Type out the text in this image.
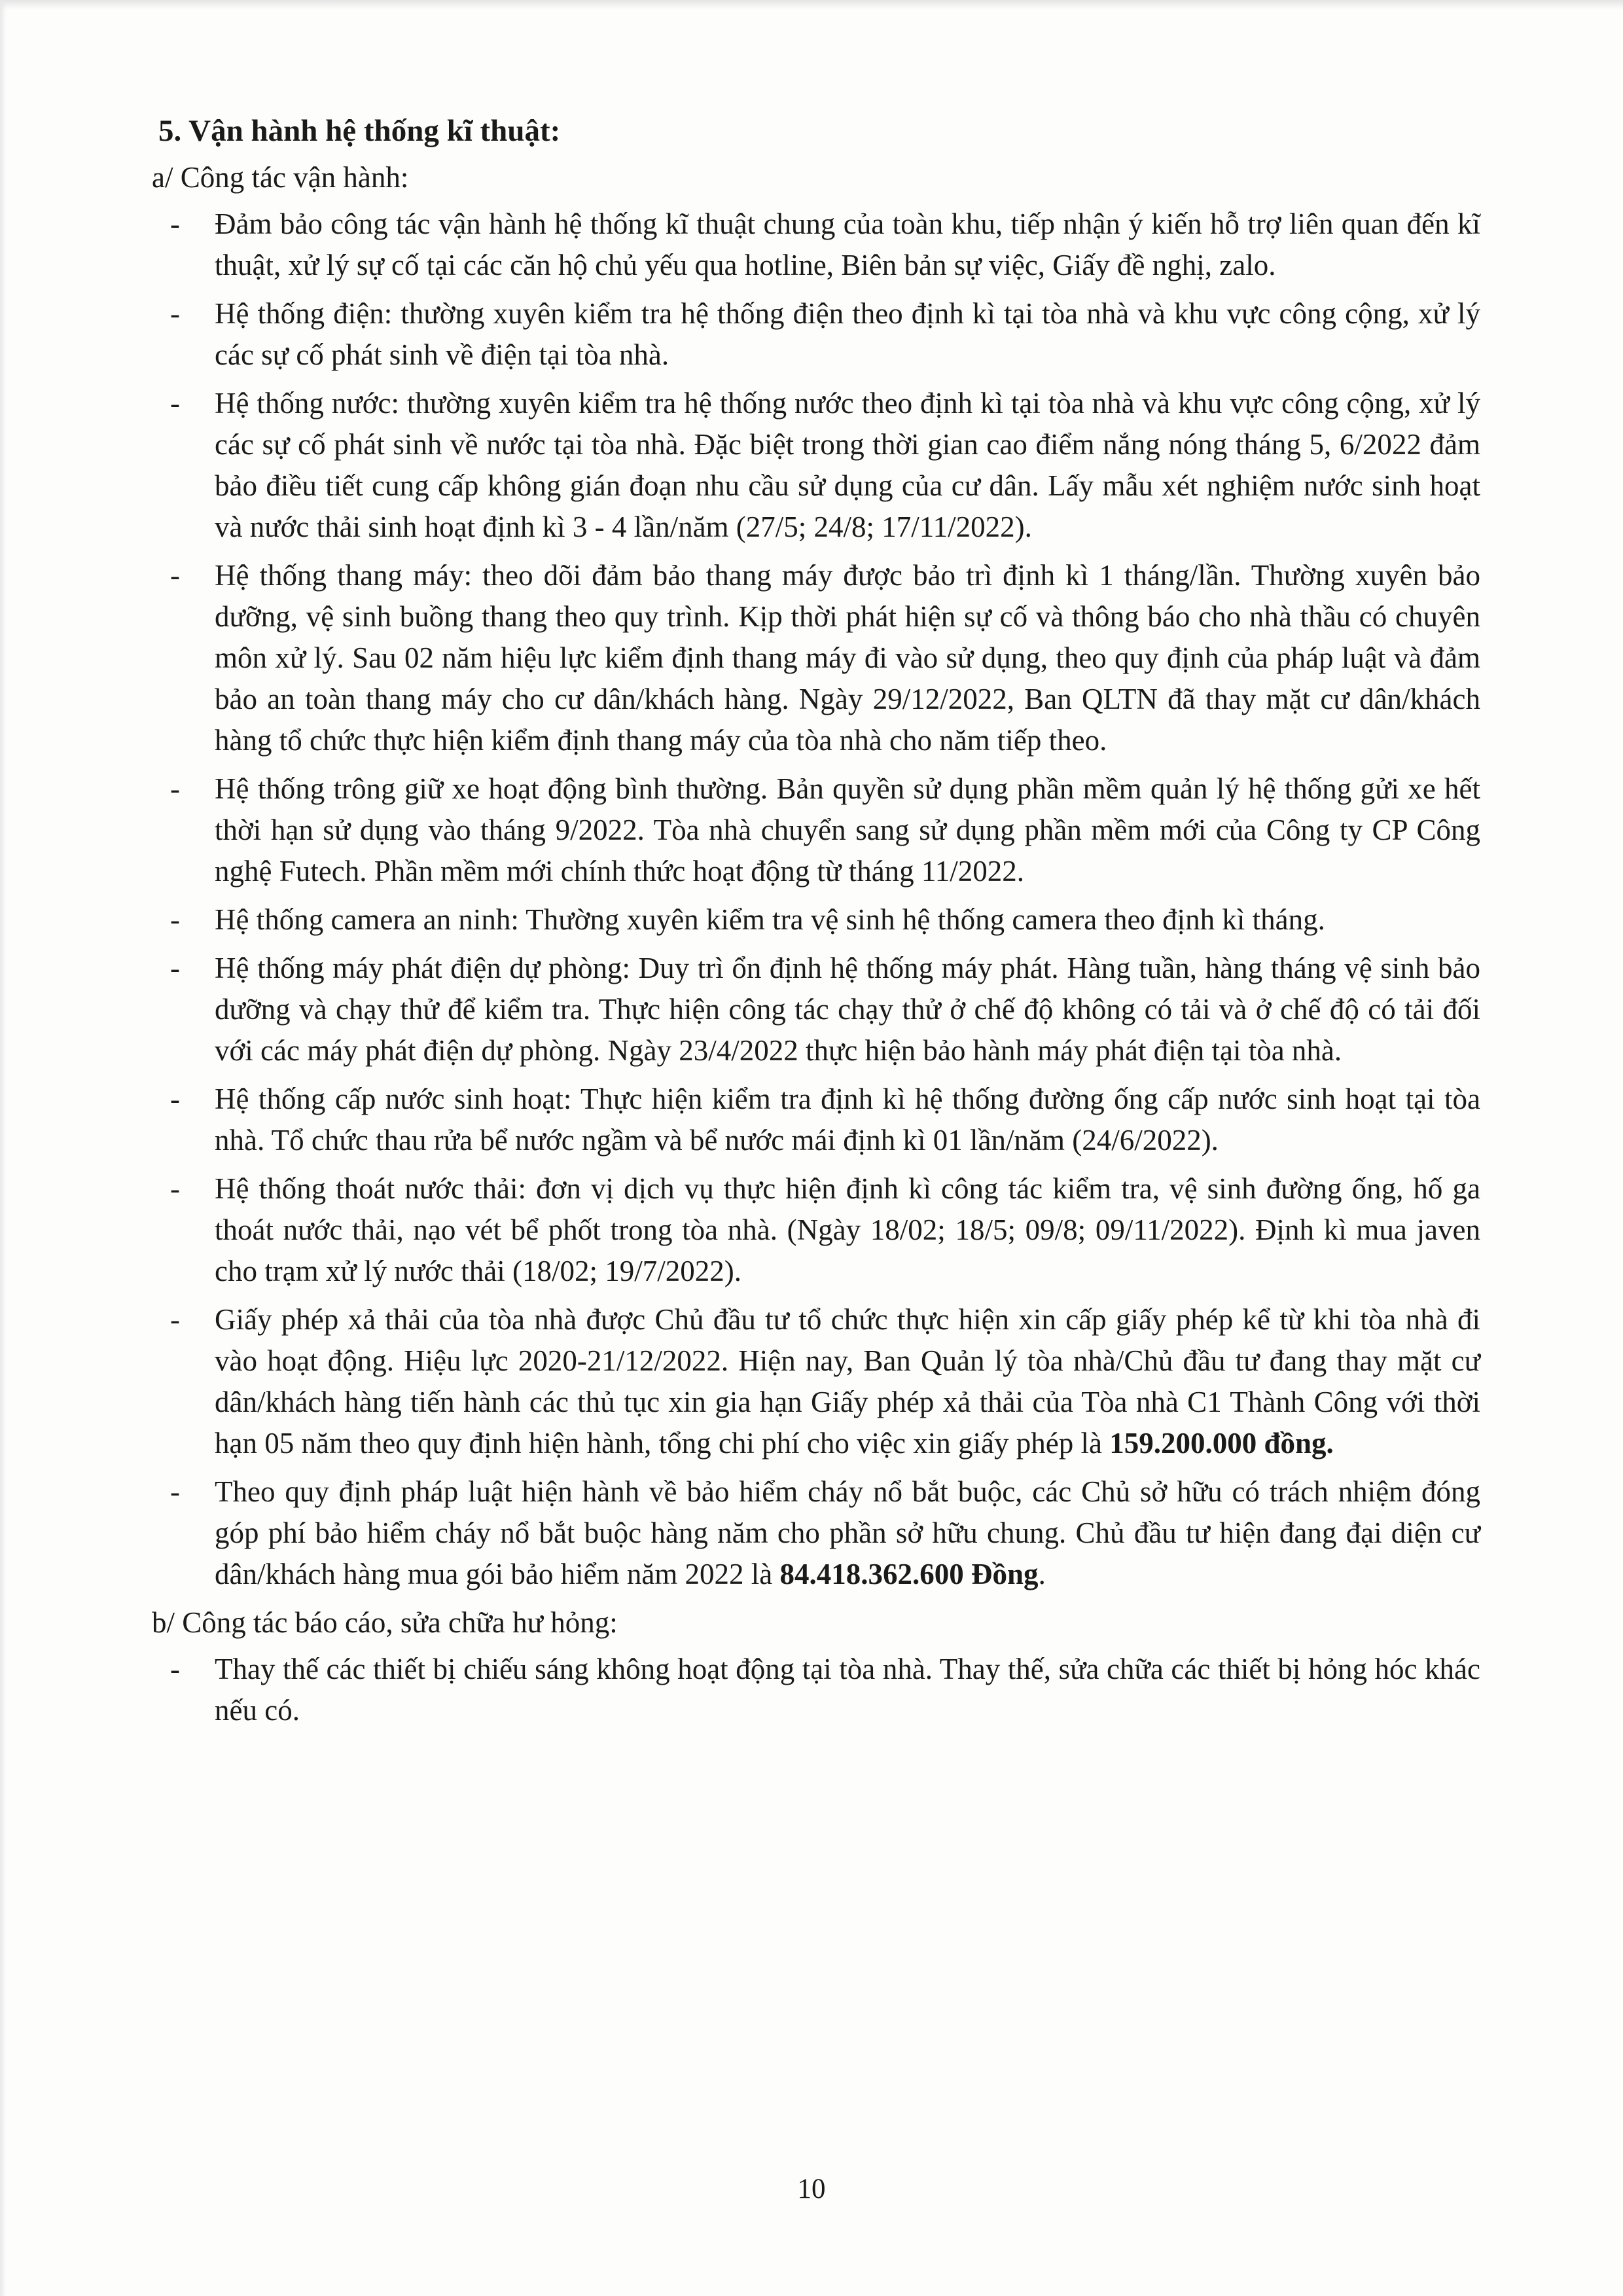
5. Vận hành hệ thống kĩ thuật:
a/ Công tác vận hành:
- Đảm bảo công tác vận hành hệ thống kĩ thuật chung của toàn khu, tiếp nhận ý kiến hỗ trợ liên quan đến kĩ thuật, xử lý sự cố tại các căn hộ chủ yếu qua hotline, Biên bản sự việc, Giấy đề nghị, zalo.
- Hệ thống điện: thường xuyên kiểm tra hệ thống điện theo định kì tại tòa nhà và khu vực công cộng, xử lý các sự cố phát sinh về điện tại tòa nhà.
- Hệ thống nước: thường xuyên kiểm tra hệ thống nước theo định kì tại tòa nhà và khu vực công cộng, xử lý các sự cố phát sinh về nước tại tòa nhà. Đặc biệt trong thời gian cao điểm nắng nóng tháng 5, 6/2022 đảm bảo điều tiết cung cấp không gián đoạn nhu cầu sử dụng của cư dân. Lấy mẫu xét nghiệm nước sinh hoạt và nước thải sinh hoạt định kì 3 - 4 lần/năm (27/5; 24/8; 17/11/2022).
- Hệ thống thang máy: theo dõi đảm bảo thang máy được bảo trì định kì 1 tháng/lần. Thường xuyên bảo dưỡng, vệ sinh buồng thang theo quy trình. Kịp thời phát hiện sự cố và thông báo cho nhà thầu có chuyên môn xử lý. Sau 02 năm hiệu lực kiểm định thang máy đi vào sử dụng, theo quy định của pháp luật và đảm bảo an toàn thang máy cho cư dân/khách hàng. Ngày 29/12/2022, Ban QLTN đã thay mặt cư dân/khách hàng tổ chức thực hiện kiểm định thang máy của tòa nhà cho năm tiếp theo.
- Hệ thống trông giữ xe hoạt động bình thường. Bản quyền sử dụng phần mềm quản lý hệ thống gửi xe hết thời hạn sử dụng vào tháng 9/2022. Tòa nhà chuyển sang sử dụng phần mềm mới của Công ty CP Công nghệ Futech. Phần mềm mới chính thức hoạt động từ tháng 11/2022.
- Hệ thống camera an ninh: Thường xuyên kiểm tra vệ sinh hệ thống camera theo định kì tháng.
- Hệ thống máy phát điện dự phòng: Duy trì ổn định hệ thống máy phát. Hàng tuần, hàng tháng vệ sinh bảo dưỡng và chạy thử để kiểm tra. Thực hiện công tác chạy thử ở chế độ không có tải và ở chế độ có tải đối với các máy phát điện dự phòng. Ngày 23/4/2022 thực hiện bảo hành máy phát điện tại tòa nhà.
- Hệ thống cấp nước sinh hoạt: Thực hiện kiểm tra định kì hệ thống đường ống cấp nước sinh hoạt tại tòa nhà. Tổ chức thau rửa bể nước ngầm và bể nước mái định kì 01 lần/năm (24/6/2022).
- Hệ thống thoát nước thải: đơn vị dịch vụ thực hiện định kì công tác kiểm tra, vệ sinh đường ống, hố ga thoát nước thải, nạo vét bể phốt trong tòa nhà. (Ngày 18/02; 18/5; 09/8; 09/11/2022). Định kì mua javen cho trạm xử lý nước thải (18/02; 19/7/2022).
- Giấy phép xả thải của tòa nhà được Chủ đầu tư tổ chức thực hiện xin cấp giấy phép kể từ khi tòa nhà đi vào hoạt động. Hiệu lực 2020-21/12/2022. Hiện nay, Ban Quản lý tòa nhà/Chủ đầu tư đang thay mặt cư dân/khách hàng tiến hành các thủ tục xin gia hạn Giấy phép xả thải của Tòa nhà C1 Thành Công với thời hạn 05 năm theo quy định hiện hành, tổng chi phí cho việc xin giấy phép là 159.200.000 đồng.
- Theo quy định pháp luật hiện hành về bảo hiểm cháy nổ bắt buộc, các Chủ sở hữu có trách nhiệm đóng góp phí bảo hiểm cháy nổ bắt buộc hàng năm cho phần sở hữu chung. Chủ đầu tư hiện đang đại diện cư dân/khách hàng mua gói bảo hiểm năm 2022 là 84.418.362.600 Đồng.
b/ Công tác báo cáo, sửa chữa hư hỏng:
- Thay thế các thiết bị chiếu sáng không hoạt động tại tòa nhà. Thay thế, sửa chữa các thiết bị hỏng hóc khác nếu có.
10
